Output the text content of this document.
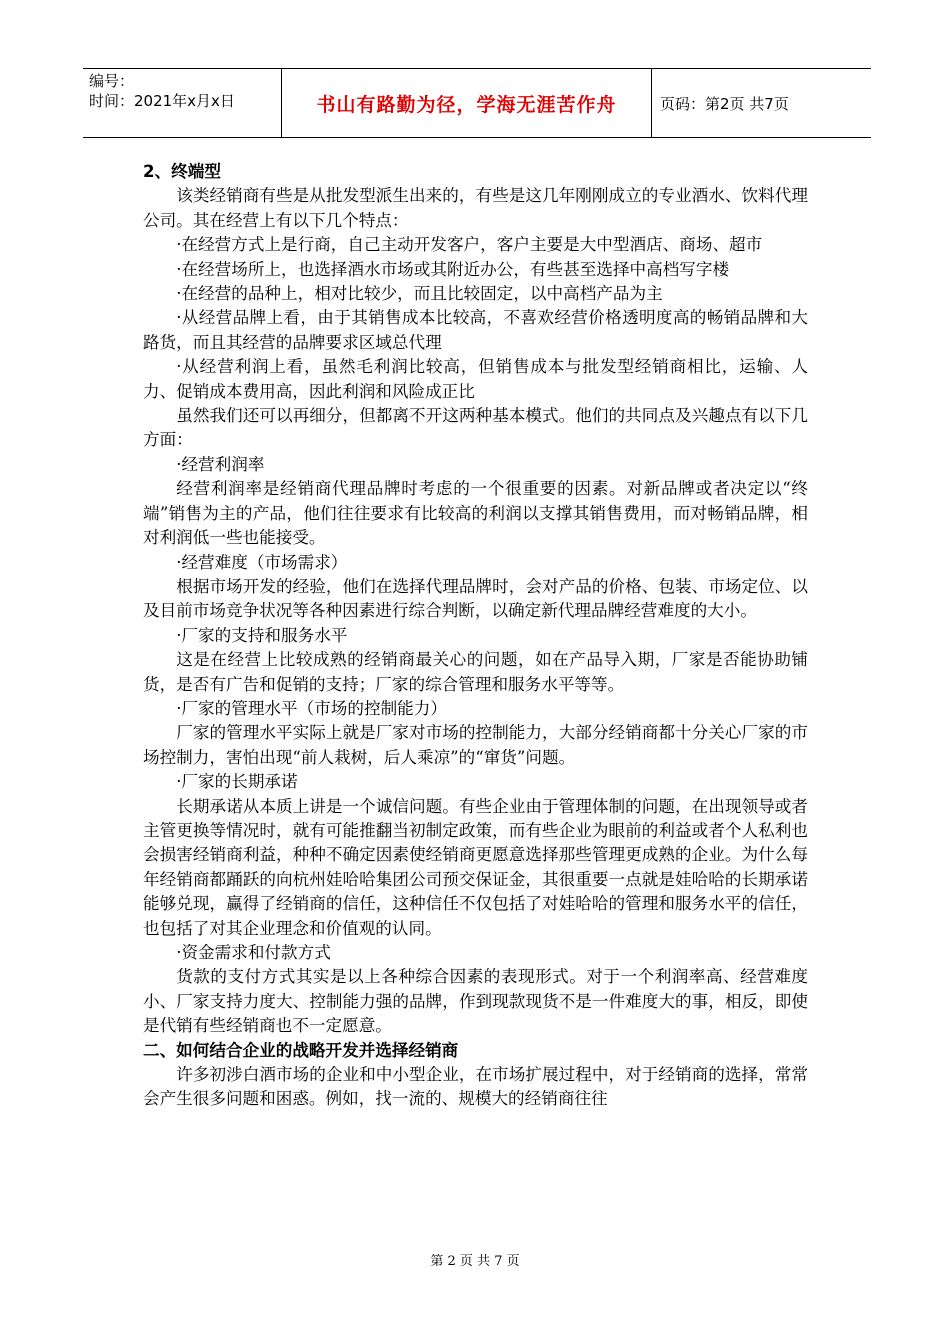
编号：
时间：2021年x月x日	书山有路勤为径，学海无涯苦作舟	页码：第2页 共7页

2、终端型

该类经销商有些是从批发型派生出来的，有些是这几年刚刚成立的专业酒水、饮料代理公司。其在经营上有以下几个特点：

·在经营方式上是行商，自己主动开发客户，客户主要是大中型酒店、商场、超市

·在经营场所上，也选择酒水市场或其附近办公，有些甚至选择中高档写字楼

·在经营的品种上，相对比较少，而且比较固定，以中高档产品为主

·从经营品牌上看，由于其销售成本比较高，不喜欢经营价格透明度高的畅销品牌和大路货，而且其经营的品牌要求区域总代理

·从经营利润上看，虽然毛利润比较高，但销售成本与批发型经销商相比，运输、人力、促销成本费用高，因此利润和风险成正比

虽然我们还可以再细分，但都离不开这两种基本模式。他们的共同点及兴趣点有以下几方面：

·经营利润率

经营利润率是经销商代理品牌时考虑的一个很重要的因素。对新品牌或者决定以“终端”销售为主的产品，他们往往要求有比较高的利润以支撑其销售费用，而对畅销品牌，相对利润低一些也能接受。

·经营难度（市场需求）

根据市场开发的经验，他们在选择代理品牌时，会对产品的价格、包装、市场定位、以及目前市场竞争状况等各种因素进行综合判断，以确定新代理品牌经营难度的大小。

·厂家的支持和服务水平

这是在经营上比较成熟的经销商最关心的问题，如在产品导入期，厂家是否能协助铺货，是否有广告和促销的支持；厂家的综合管理和服务水平等等。

·厂家的管理水平（市场的控制能力）

厂家的管理水平实际上就是厂家对市场的控制能力，大部分经销商都十分关心厂家的市场控制力，害怕出现“前人栽树，后人乘凉”的“窜货”问题。

·厂家的长期承诺

长期承诺从本质上讲是一个诚信问题。有些企业由于管理体制的问题，在出现领导或者主管更换等情况时，就有可能推翻当初制定政策，而有些企业为眼前的利益或者个人私利也会损害经销商利益，种种不确定因素使经销商更愿意选择那些管理更成熟的企业。为什么每年经销商都踊跃的向杭州娃哈哈集团公司预交保证金，其很重要一点就是娃哈哈的长期承诺能够兑现，赢得了经销商的信任，这种信任不仅包括了对娃哈哈的管理和服务水平的信任，也包括了对其企业理念和价值观的认同。

·资金需求和付款方式

货款的支付方式其实是以上各种综合因素的表现形式。对于一个利润率高、经营难度小、厂家支持力度大、控制能力强的品牌，作到现款现货不是一件难度大的事，相反，即使是代销有些经销商也不一定愿意。

二、如何结合企业的战略开发并选择经销商

许多初涉白酒市场的企业和中小型企业，在市场扩展过程中，对于经销商的选择，常常会产生很多问题和困惑。例如，找一流的、规模大的经销商往往

第 2 页 共 7 页
